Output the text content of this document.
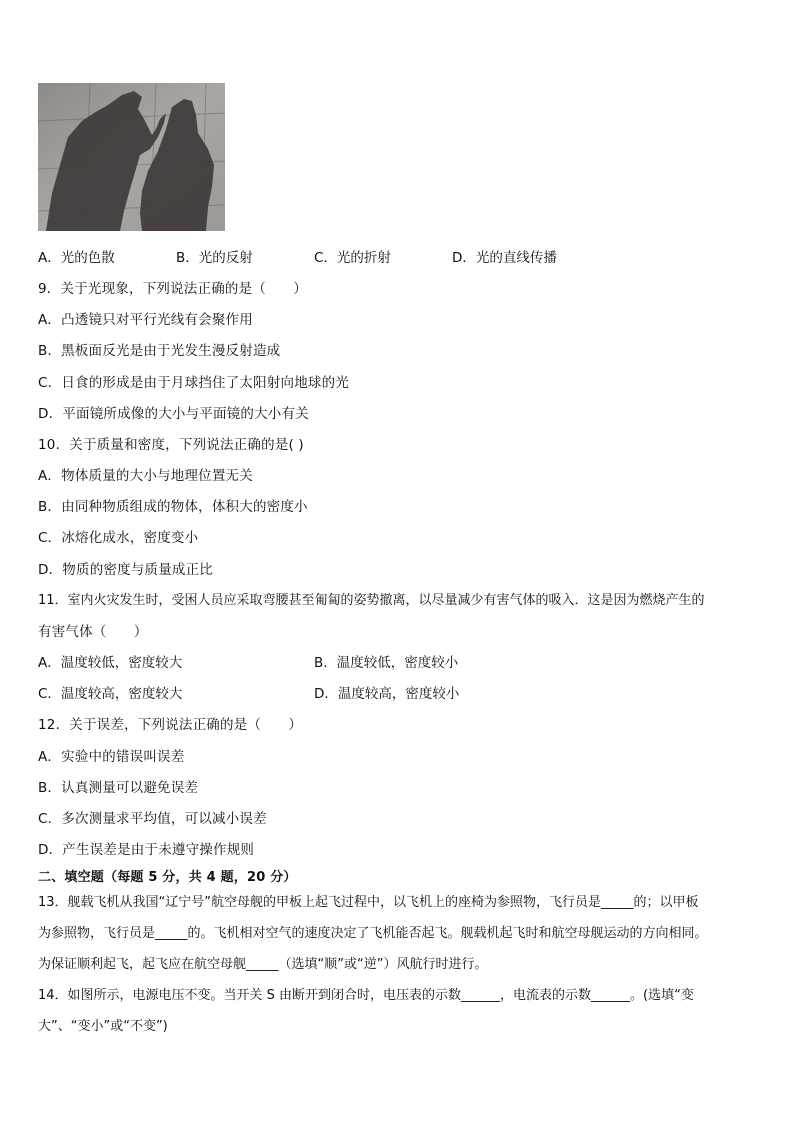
A．光的色散	B．光的反射	C．光的折射	D．光的直线传播
9．关于光现象，下列说法正确的是（　　）
A．凸透镜只对平行光线有会聚作用
B．黑板面反光是由于光发生漫反射造成
C．日食的形成是由于月球挡住了太阳射向地球的光
D．平面镜所成像的大小与平面镜的大小有关
10．关于质量和密度，下列说法正确的是( )
A．物体质量的大小与地理位置无关
B．由同种物质组成的物体，体积大的密度小
C．冰熔化成水，密度变小
D．物质的密度与质量成正比
11．室内火灾发生时，受困人员应采取弯腰甚至匍匐的姿势撤离，以尽量减少有害气体的吸入．这是因为燃烧产生的
有害气体（　　）
A．温度较低，密度较大	B．温度较低，密度较小
C．温度较高，密度较大	D．温度较高，密度较小
12．关于误差，下列说法正确的是（　　）
A．实验中的错误叫误差
B．认真测量可以避免误差
C．多次测量求平均值，可以减小误差
D．产生误差是由于未遵守操作规则
二、填空题（每题 5 分，共 4 题，20 分）
13．舰载飞机从我国“辽宁号”航空母舰的甲板上起飞过程中，以飞机上的座椅为参照物，飞行员是_____的；以甲板
为参照物，飞行员是_____的。飞机相对空气的速度决定了飞机能否起飞。舰载机起飞时和航空母舰运动的方向相同。
为保证顺利起飞，起飞应在航空母舰_____（选填“顺”或“逆”）风航行时进行。
14．如图所示，电源电压不变。当开关 S 由断开到闭合时，电压表的示数______，电流表的示数______。(选填“变
大”、“变小”或“不变”)
